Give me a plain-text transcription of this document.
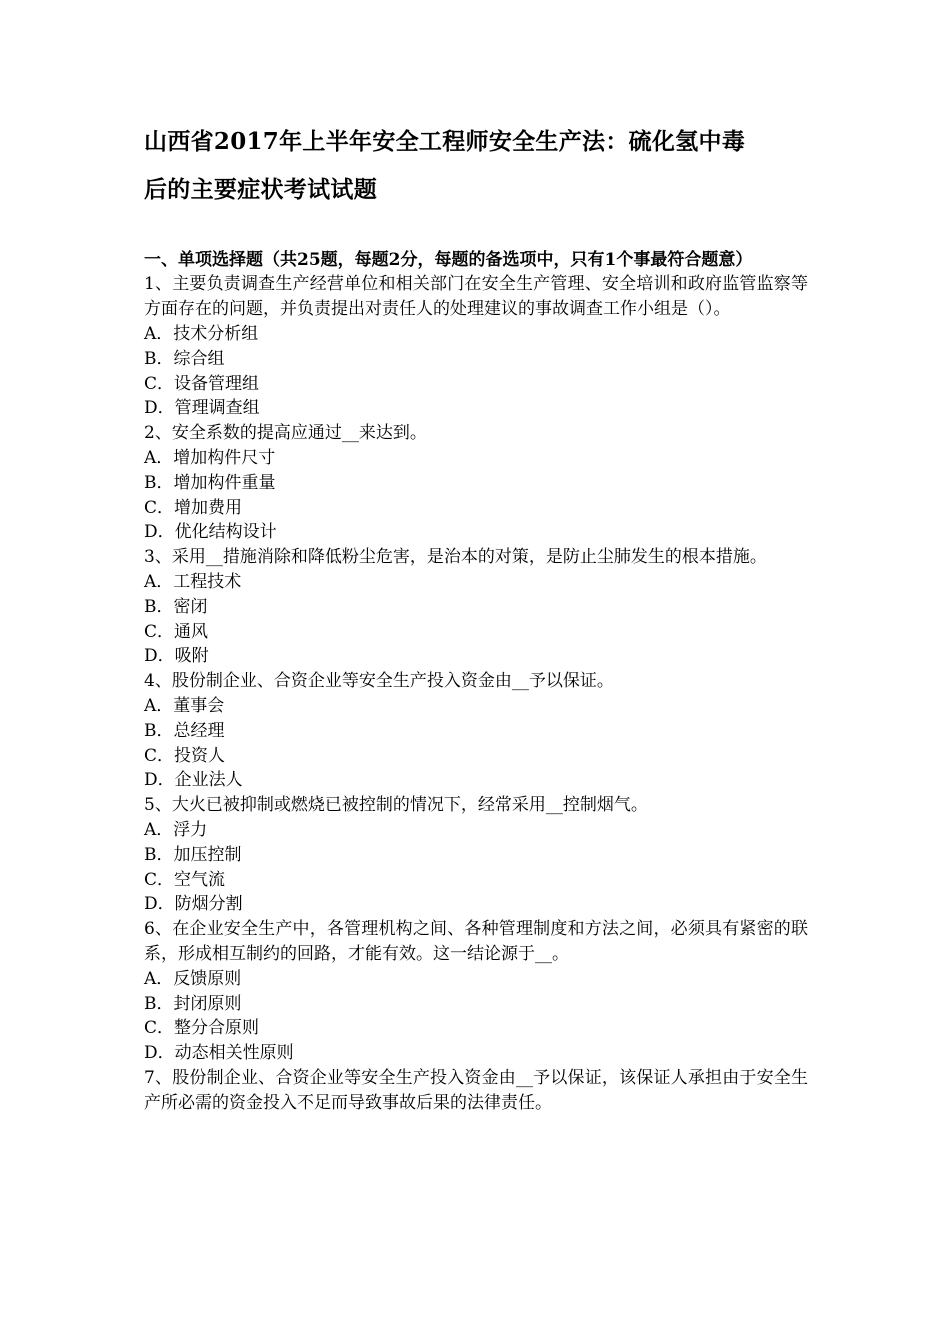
山西省2017年上半年安全工程师安全生产法：硫化氢中毒
后的主要症状考试试题
一、单项选择题（共25题，每题2分，每题的备选项中，只有1个事最符合题意）
1、主要负责调查生产经营单位和相关部门在安全生产管理、安全培训和政府监管监察等方面存在的问题，并负责提出对责任人的处理建议的事故调查工作小组是（）。
A．技术分析组
B．综合组
C．设备管理组
D．管理调查组
2、安全系数的提高应通过__来达到。
A．增加构件尺寸
B．增加构件重量
C．增加费用
D．优化结构设计
3、采用__措施消除和降低粉尘危害，是治本的对策，是防止尘肺发生的根本措施。
A．工程技术
B．密闭
C．通风
D．吸附
4、股份制企业、合资企业等安全生产投入资金由__予以保证。
A．董事会
B．总经理
C．投资人
D．企业法人
5、大火已被抑制或燃烧已被控制的情况下，经常采用__控制烟气。
A．浮力
B．加压控制
C．空气流
D．防烟分割
6、在企业安全生产中，各管理机构之间、各种管理制度和方法之间，必须具有紧密的联系，形成相互制约的回路，才能有效。这一结论源于__。
A．反馈原则
B．封闭原则
C．整分合原则
D．动态相关性原则
7、股份制企业、合资企业等安全生产投入资金由__予以保证，该保证人承担由于安全生产所必需的资金投入不足而导致事故后果的法律责任。
